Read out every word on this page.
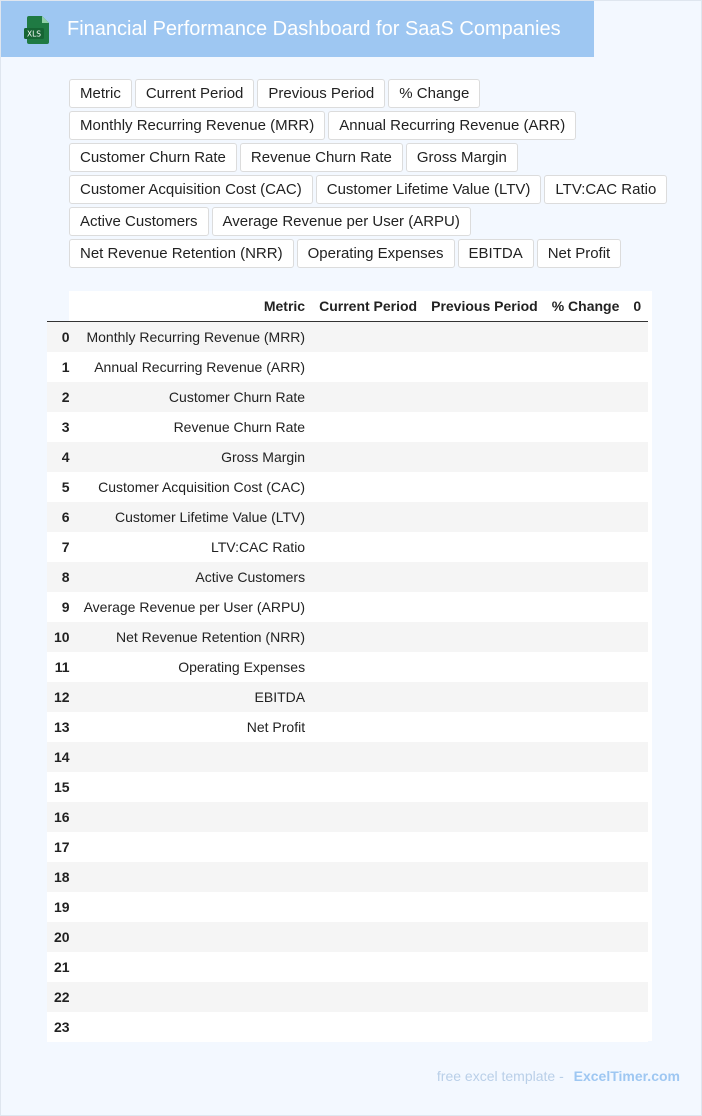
XLS Financial Performance Dashboard for SaaS Companies
Metric	Current Period	Previous Period	% Change
Monthly Recurring Revenue (MRR)	Annual Recurring Revenue (ARR)
Customer Churn Rate	Revenue Churn Rate	Gross Margin
Customer Acquisition Cost (CAC)	Customer Lifetime Value (LTV)	LTV:CAC Ratio
Active Customers	Average Revenue per User (ARPU)
Net Revenue Retention (NRR)	Operating Expenses	EBITDA	Net Profit
	Metric	Current Period	Previous Period	% Change	0
0	Monthly Recurring Revenue (MRR)				
1	Annual Recurring Revenue (ARR)				
2	Customer Churn Rate				
3	Revenue Churn Rate				
4	Gross Margin				
5	Customer Acquisition Cost (CAC)				
6	Customer Lifetime Value (LTV)				
7	LTV:CAC Ratio				
8	Active Customers				
9	Average Revenue per User (ARPU)				
10	Net Revenue Retention (NRR)				
11	Operating Expenses				
12	EBITDA				
13	Net Profit				
14					
15					
16					
17					
18					
19					
20					
21					
22					
23					
free excel template - ExcelTimer.com
